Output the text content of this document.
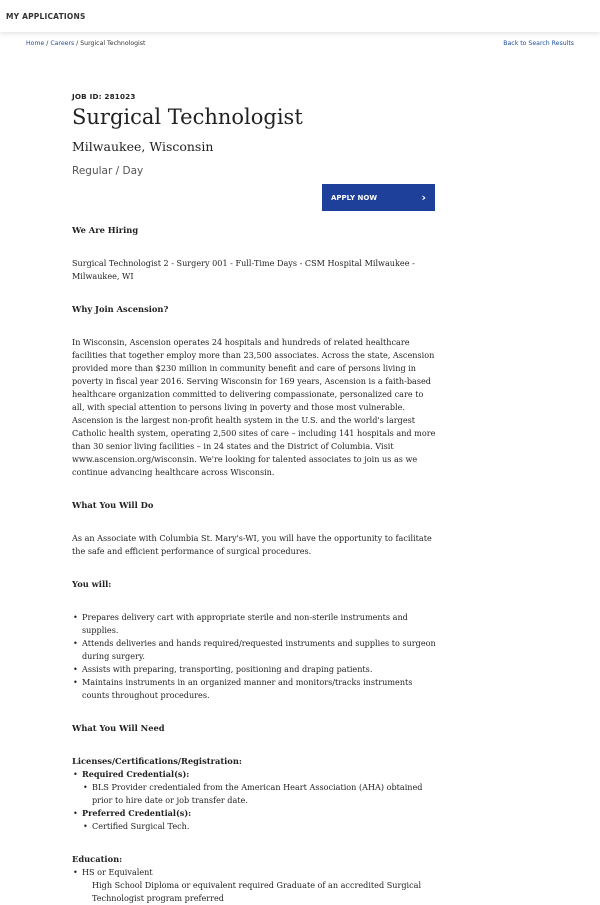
MY APPLICATIONS
Home / Careers / Surgical Technologist	Back to Search Results
JOB ID: 281023
Surgical Technologist
Milwaukee, Wisconsin
Regular / Day
APPLY NOW	›
We Are Hiring

Surgical Technologist 2 - Surgery 001 - Full-Time Days - CSM Hospital Milwaukee - Milwaukee, WI

Why Join Ascension?

In Wisconsin, Ascension operates 24 hospitals and hundreds of related healthcare facilities that together employ more than 23,500 associates. Across the state, Ascension provided more than $230 million in community benefit and care of persons living in poverty in fiscal year 2016. Serving Wisconsin for 169 years, Ascension is a faith-based healthcare organization committed to delivering compassionate, personalized care to all, with special attention to persons living in poverty and those most vulnerable. Ascension is the largest non-profit health system in the U.S. and the world's largest Catholic health system, operating 2,500 sites of care – including 141 hospitals and more than 30 senior living facilities – in 24 states and the District of Columbia. Visit www.ascension.org/wisconsin. We're looking for talented associates to join us as we continue advancing healthcare across Wisconsin.

What You Will Do

As an Associate with Columbia St. Mary's-WI, you will have the opportunity to facilitate the safe and efficient performance of surgical procedures.

You will:
• Prepares delivery cart with appropriate sterile and non-sterile instruments and supplies.
• Attends deliveries and hands required/requested instruments and supplies to surgeon during surgery.
• Assists with preparing, transporting, positioning and draping patients.
• Maintains instruments in an organized manner and monitors/tracks instruments counts throughout procedures.
What You Will Need
Licenses/Certifications/Registration:
• Required Credential(s):
• BLS Provider credentialed from the American Heart Association (AHA) obtained prior to hire date or job transfer date.
• Preferred Credential(s):
• Certified Surgical Tech.
Education:
• HS or Equivalent

High School Diploma or equivalent required Graduate of an accredited Surgical Technologist program preferred
